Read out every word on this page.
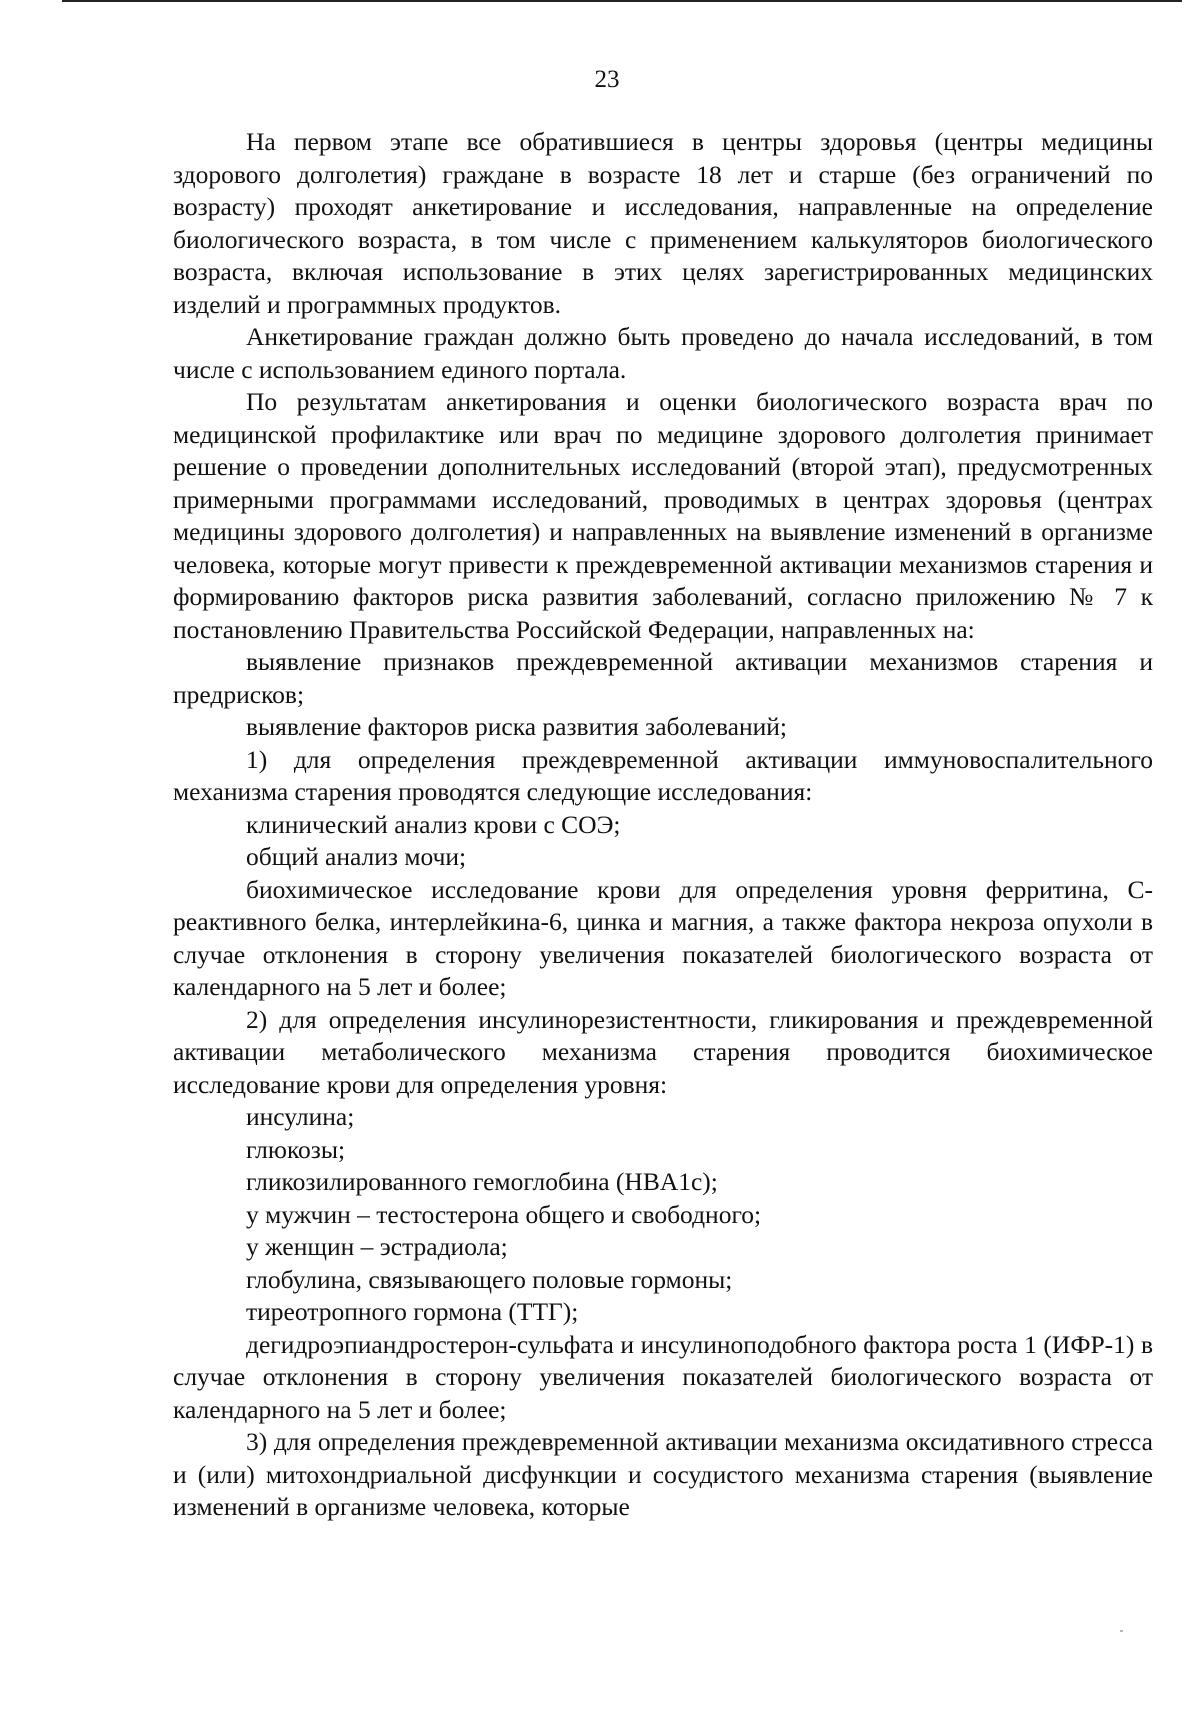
23

На первом этапе все обратившиеся в центры здоровья (центры медицины здорового долголетия) граждане в возрасте 18 лет и старше (без ограничений по возрасту) проходят анкетирование и исследования, направленные на определение биологического возраста, в том числе с применением калькуляторов биологического возраста, включая использование в этих целях зарегистрированных медицинских изделий и программных продуктов.

Анкетирование граждан должно быть проведено до начала исследований, в том числе с использованием единого портала.

По результатам анкетирования и оценки биологического возраста врач по медицинской профилактике или врач по медицине здорового долголетия принимает решение о проведении дополнительных исследований (второй этап), предусмотренных примерными программами исследований, проводимых в центрах здоровья (центрах медицины здорового долголетия) и направленных на выявление изменений в организме человека, которые могут привести к преждевременной активации механизмов старения и формированию факторов риска развития заболеваний, согласно приложению № 7 к постановлению Правительства Российской Федерации, направленных на:

выявление признаков преждевременной активации механизмов старения и предрисков;

выявление факторов риска развития заболеваний;

1) для определения преждевременной активации иммуновоспалительного механизма старения проводятся следующие исследования:

клинический анализ крови с СОЭ;

общий анализ мочи;

биохимическое исследование крови для определения уровня ферритина, С-реактивного белка, интерлейкина-6, цинка и магния, а также фактора некроза опухоли в случае отклонения в сторону увеличения показателей биологического возраста от календарного на 5 лет и более;

2) для определения инсулинорезистентности, гликирования и преждевременной активации метаболического механизма старения проводится биохимическое исследование крови для определения уровня:

инсулина;

глюкозы;

гликозилированного гемоглобина (HBA1c);

у мужчин – тестостерона общего и свободного;

у женщин – эстрадиола;

глобулина, связывающего половые гормоны;

тиреотропного гормона (ТТГ);

дегидроэпиандростерон-сульфата и инсулиноподобного фактора роста 1 (ИФР-1) в случае отклонения в сторону увеличения показателей биологического возраста от календарного на 5 лет и более;

3) для определения преждевременной активации механизма оксидативного стресса и (или) митохондриальной дисфункции и сосудистого механизма старения (выявление изменений в организме человека, которые
